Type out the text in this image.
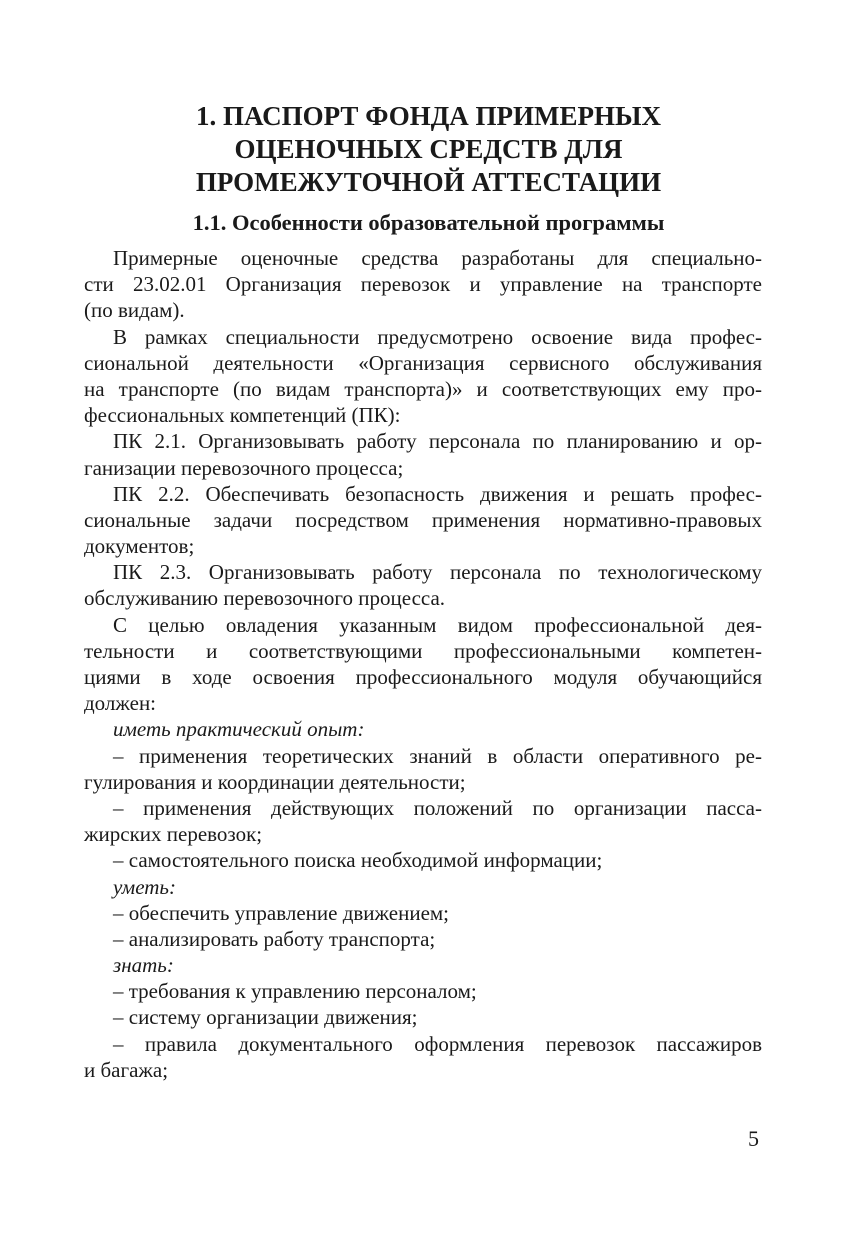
1. ПАСПОРТ ФОНДА ПРИМЕРНЫХ
ОЦЕНОЧНЫХ СРЕДСТВ ДЛЯ
ПРОМЕЖУТОЧНОЙ АТТЕСТАЦИИ
1.1. Особенности образовательной программы
Примерные оценочные средства разработаны для специально-
сти 23.02.01 Организация перевозок и управление на транспорте
(по видам).
В рамках специальности предусмотрено освоение вида профес-
сиональной деятельности «Организация сервисного обслуживания
на транспорте (по видам транспорта)» и соответствующих ему про-
фессиональных компетенций (ПК):
ПК 2.1. Организовывать работу персонала по планированию и ор-
ганизации перевозочного процесса;
ПК 2.2. Обеспечивать безопасность движения и решать профес-
сиональные задачи посредством применения нормативно-правовых
документов;
ПК 2.3. Организовывать работу персонала по технологическому
обслуживанию перевозочного процесса.
С целью овладения указанным видом профессиональной дея-
тельности и соответствующими профессиональными компетен-
циями в ходе освоения профессионального модуля обучающийся
должен:
иметь практический опыт:
– применения теоретических знаний в области оперативного ре-
гулирования и координации деятельности;
– применения действующих положений по организации пасса-
жирских перевозок;
– самостоятельного поиска необходимой информации;
уметь:
– обеспечить управление движением;
– анализировать работу транспорта;
знать:
– требования к управлению персоналом;
– систему организации движения;
– правила документального оформления перевозок пассажиров
и багажа;
5
